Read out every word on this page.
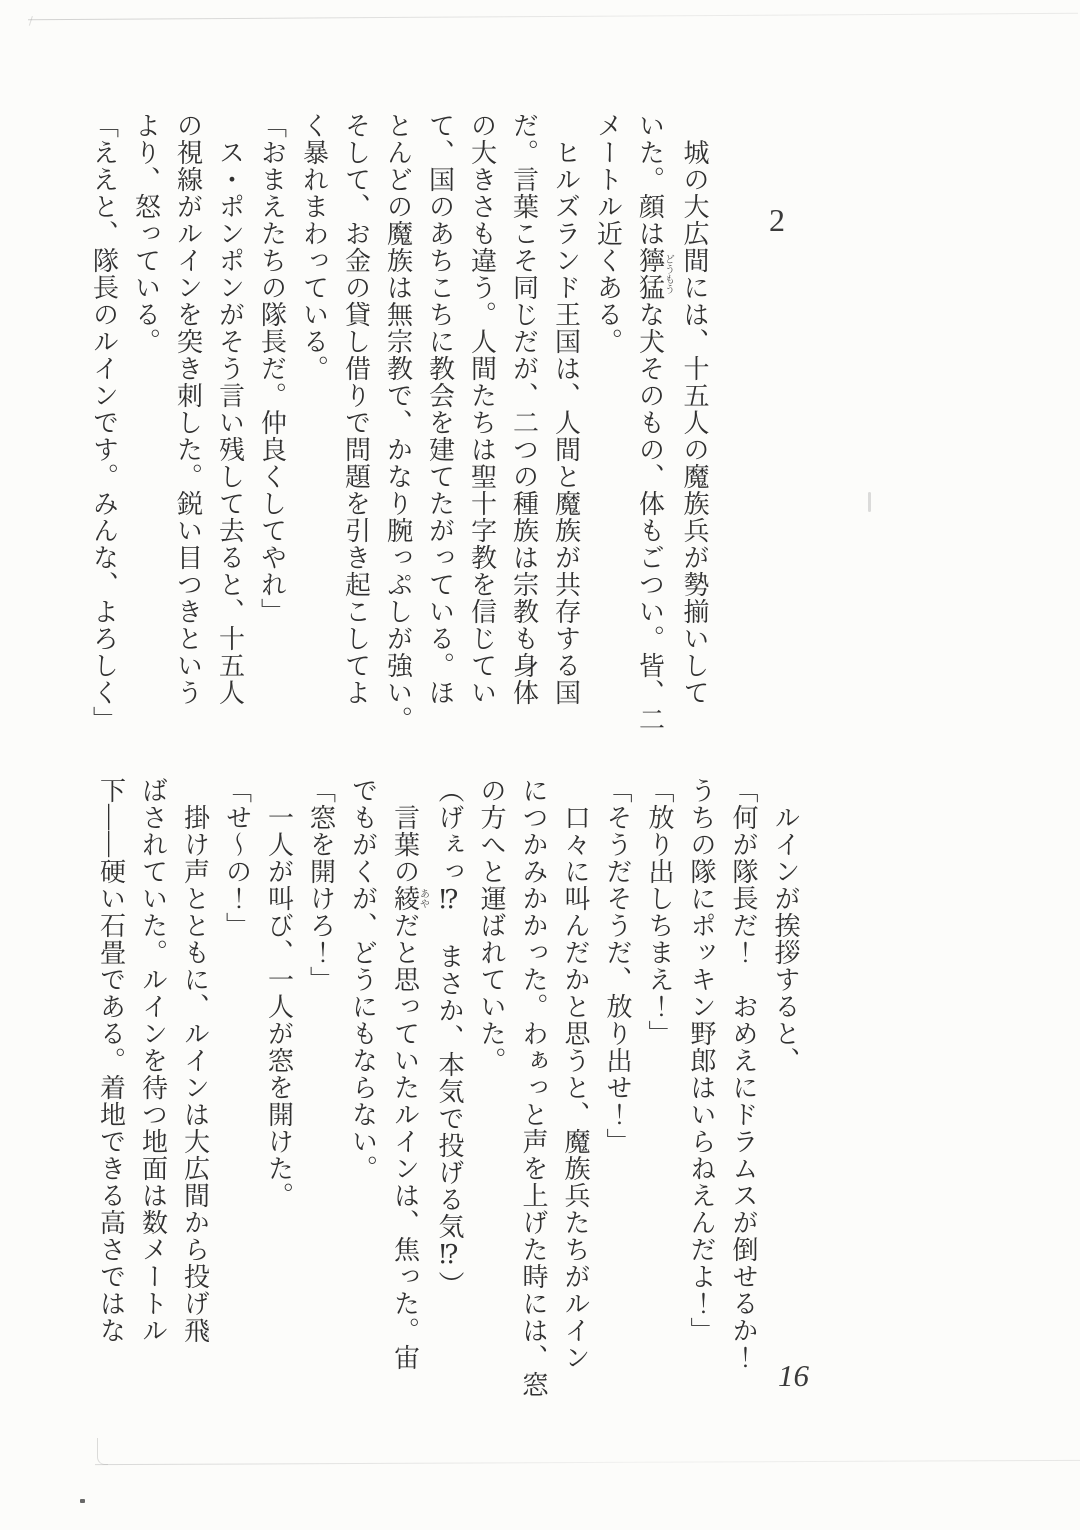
2

城の大広間には、十五人の魔族兵が勢揃いして

いた。顔は獰猛どうもうな犬そのもの、体もごつい。皆、二

メートル近くある。

ヒルズランド王国は、人間と魔族が共存する国

だ。言葉こそ同じだが、二つの種族は宗教も身体

の大きさも違う。人間たちは聖十字教を信じてい

て、国のあちこちに教会を建てたがっている。ほ

とんどの魔族は無宗教で、かなり腕っぷしが強い。

そして、お金の貸し借りで問題を引き起こしてよ

く暴れまわっている。

「おまえたちの隊長だ。仲良くしてやれ」

ス・ポンポンがそう言い残して去ると、十五人

の視線がルインを突き刺した。鋭い目つきという

より、怒っている。

「ええと、隊長のルインです。みんな、よろしく」

ルインが挨拶すると、

「何が隊長だ！　おめえにドラムスが倒せるか！

うちの隊にポッキン野郎はいらねえんだよ！」

「放り出しちまえ！」

「そうだそうだ、放り出せ！」

口々に叫んだかと思うと、魔族兵たちがルイン

につかみかかった。わぁっと声を上げた時には、窓

の方へと運ばれていた。

（げぇっ⁉　まさか、本気で投げる気⁉）

言葉の綾あやだと思っていたルインは、焦った。宙

でもがくが、どうにもならない。

「窓を開けろ！」

一人が叫び、一人が窓を開けた。

「せ〜の！」

掛け声とともに、ルインは大広間から投げ飛

ばされていた。ルインを待つ地面は数メートル

下――硬い石畳である。着地できる高さではな

16
